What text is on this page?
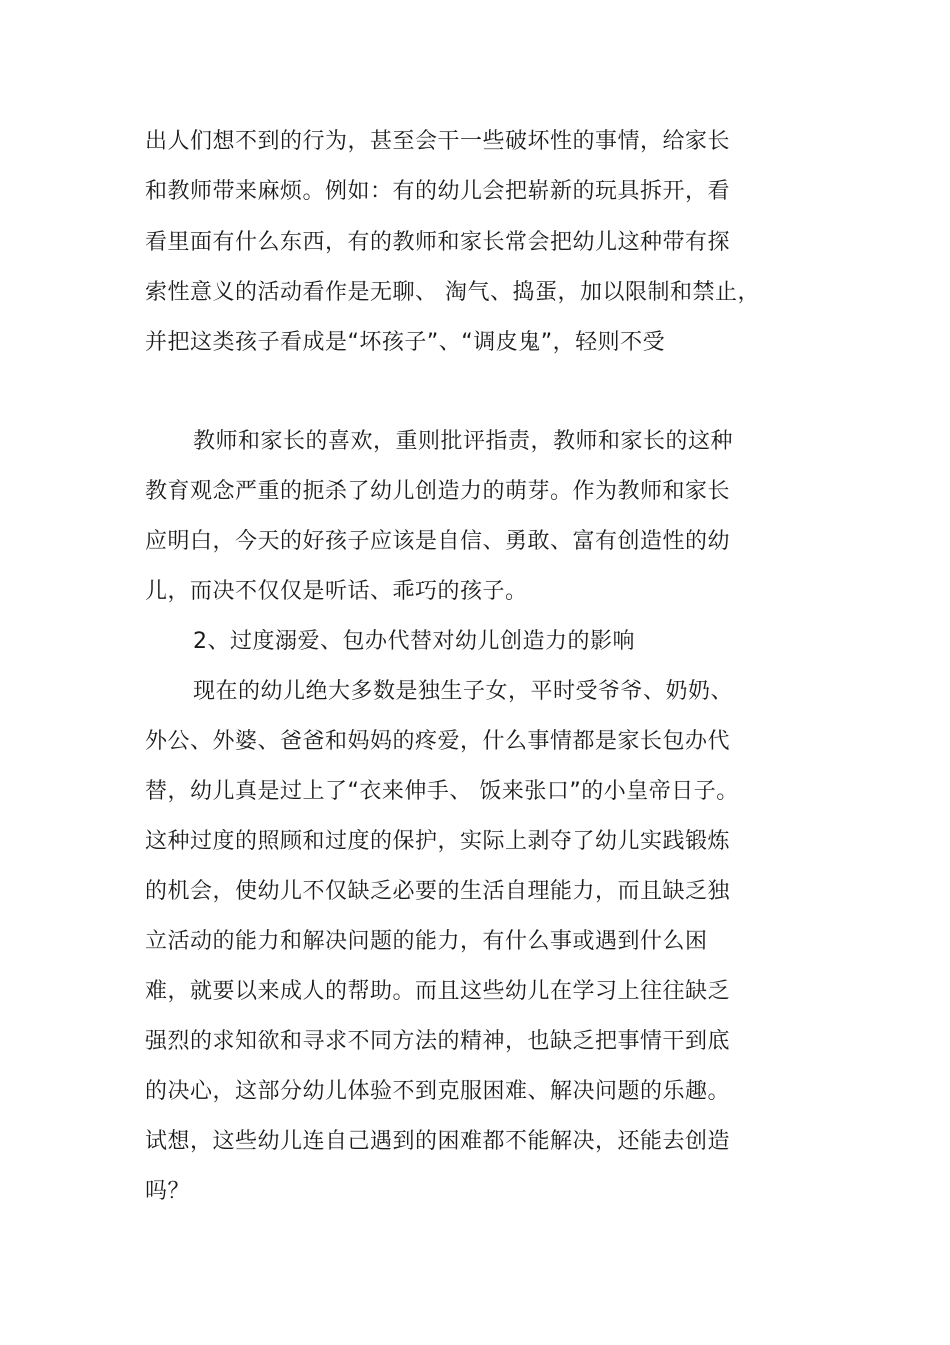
出人们想不到的行为，甚至会干一些破坏性的事情，给家长
和教师带来麻烦。例如：有的幼儿会把崭新的玩具拆开，看
看里面有什么东西，有的教师和家长常会把幼儿这种带有探
索性意义的活动看作是无聊、 淘气、捣蛋，加以限制和禁止，
并把这类孩子看成是“坏孩子”、“调皮鬼”，轻则不受
教师和家长的喜欢，重则批评指责，教师和家长的这种
教育观念严重的扼杀了幼儿创造力的萌芽。作为教师和家长
应明白，今天的好孩子应该是自信、勇敢、富有创造性的幼
儿，而决不仅仅是听话、乖巧的孩子。
2、过度溺爱、包办代替对幼儿创造力的影响
现在的幼儿绝大多数是独生子女，平时受爷爷、奶奶、
外公、外婆、爸爸和妈妈的疼爱，什么事情都是家长包办代
替，幼儿真是过上了“衣来伸手、 饭来张口”的小皇帝日子。
这种过度的照顾和过度的保护，实际上剥夺了幼儿实践锻炼
的机会，使幼儿不仅缺乏必要的生活自理能力，而且缺乏独
立活动的能力和解决问题的能力，有什么事或遇到什么困
难，就要以来成人的帮助。而且这些幼儿在学习上往往缺乏
强烈的求知欲和寻求不同方法的精神，也缺乏把事情干到底
的决心，这部分幼儿体验不到克服困难、解决问题的乐趣。
试想，这些幼儿连自己遇到的困难都不能解决，还能去创造
吗？
